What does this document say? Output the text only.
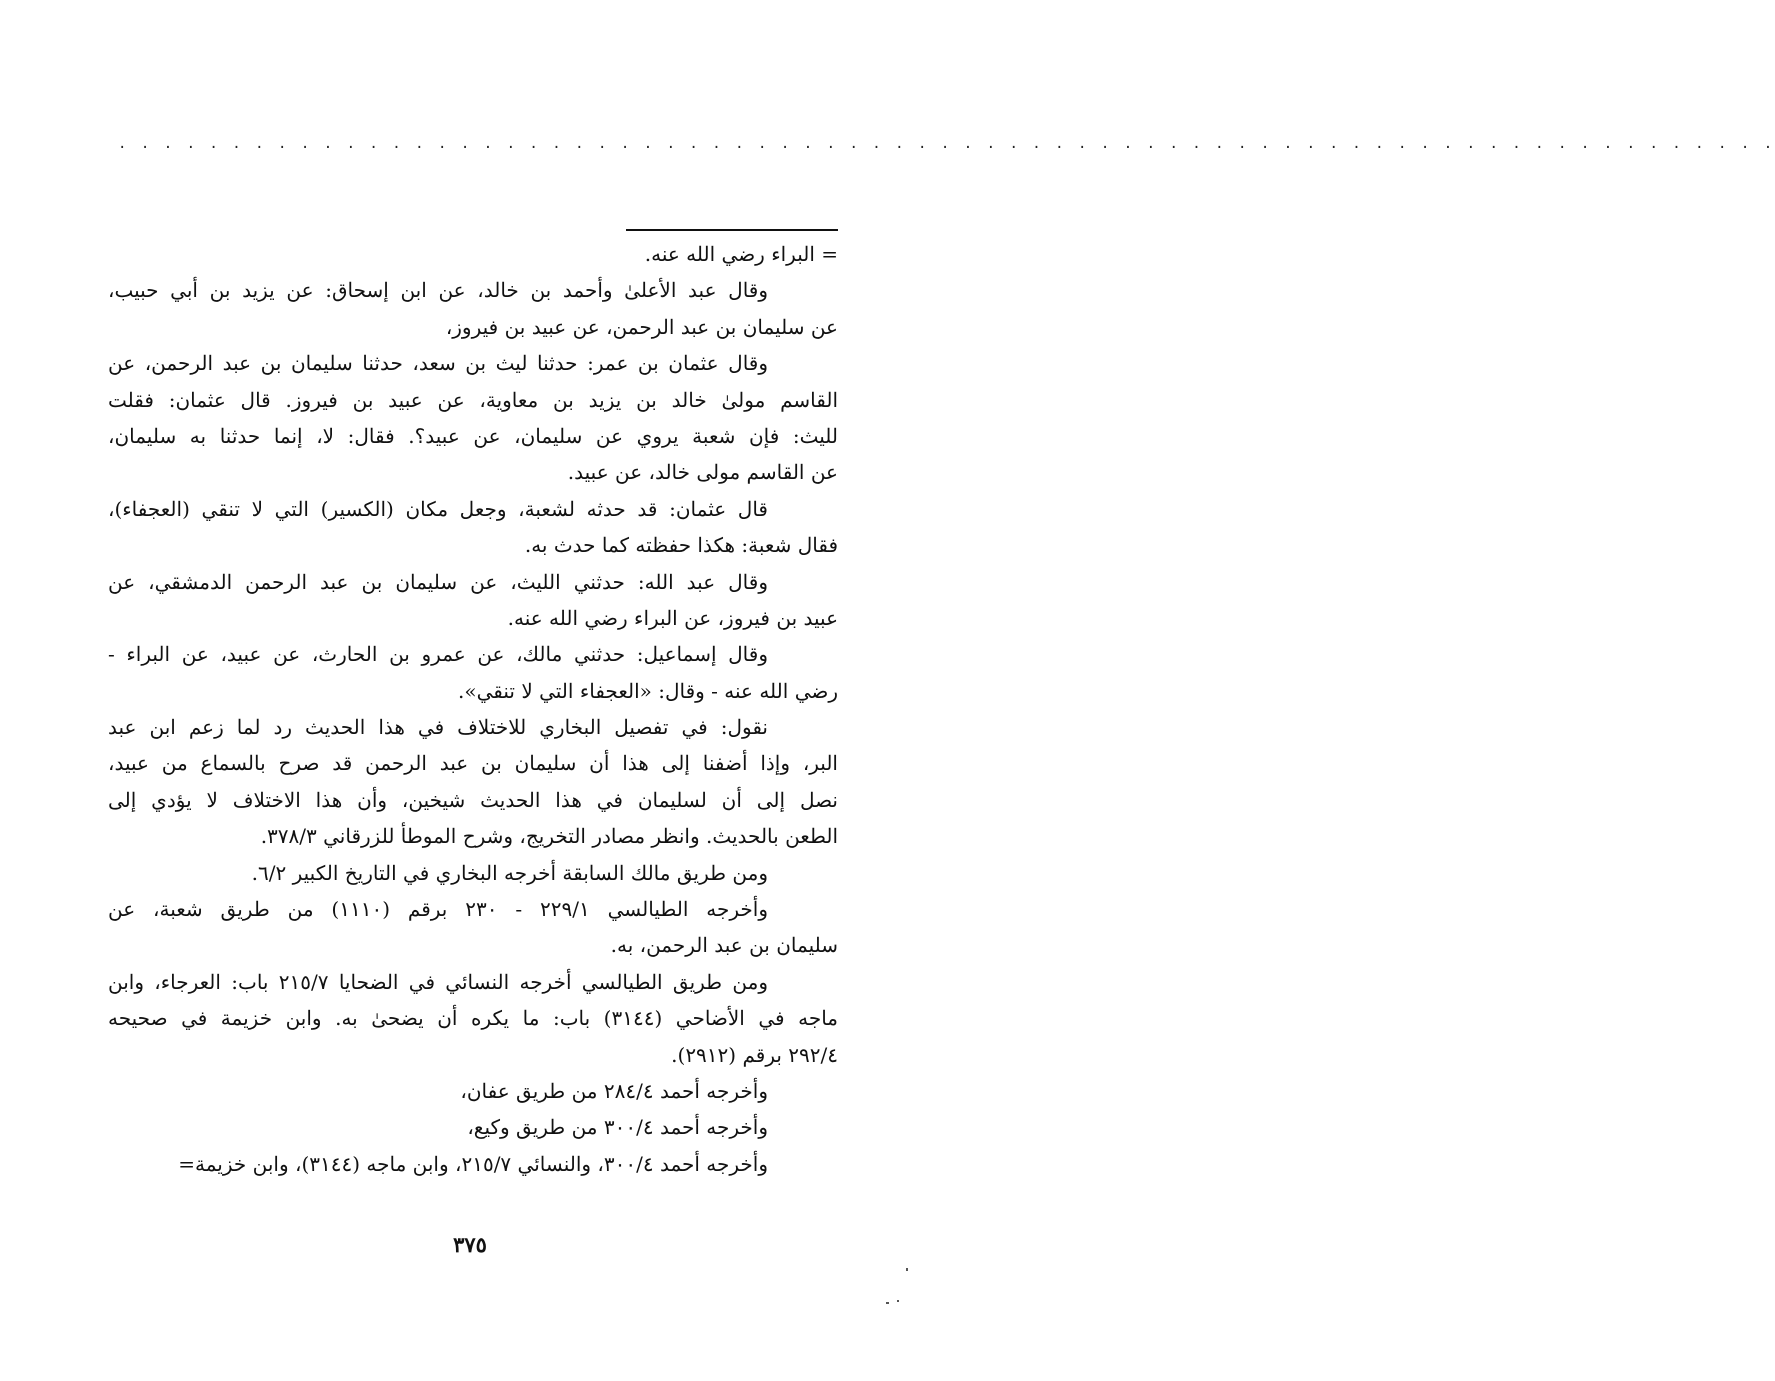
. . . . . . . . . . . . . . . . . . . . . . . . . . . . . . . . . . . . . . . . . . . . . . . . . . . . . . . . . . . . . . . . . . . . . . . . .
= البراء رضي الله عنه.
وقال عبد الأعلىٰ وأحمد بن خالد، عن ابن إسحاق: عن يزيد بن أبي حبيب،
عن سليمان بن عبد الرحمن، عن عبيد بن فيروز،
وقال عثمان بن عمر: حدثنا ليث بن سعد، حدثنا سليمان بن عبد الرحمن، عن
القاسم مولىٰ خالد بن يزيد بن معاوية، عن عبيد بن فيروز. قال عثمان: فقلت
لليث: فإن شعبة يروي عن سليمان، عن عبيد؟. فقال: لا، إنما حدثنا به سليمان،
عن القاسم مولى خالد، عن عبيد.
قال عثمان: قد حدثه لشعبة، وجعل مكان (الكسير) التي لا تنقي (العجفاء)،
فقال شعبة: هكذا حفظته كما حدث به.
وقال عبد الله: حدثني الليث، عن سليمان بن عبد الرحمن الدمشقي، عن
عبيد بن فيروز، عن البراء رضي الله عنه.
وقال إسماعيل: حدثني مالك، عن عمرو بن الحارث، عن عبيد، عن البراء -
رضي الله عنه - وقال: «العجفاء التي لا تنقي».
نقول: في تفصيل البخاري للاختلاف في هذا الحديث رد لما زعم ابن عبد
البر، وإذا أضفنا إلى هذا أن سليمان بن عبد الرحمن قد صرح بالسماع من عبيد،
نصل إلى أن لسليمان في هذا الحديث شيخين، وأن هذا الاختلاف لا يؤدي إلى
الطعن بالحديث. وانظر مصادر التخريج، وشرح الموطأ للزرقاني ٣٧٨/٣.
ومن طريق مالك السابقة أخرجه البخاري في التاريخ الكبير ٦/٢.
وأخرجه الطيالسي ٢٢٩/١ - ٢٣٠ برقم (١١١٠) من طريق شعبة، عن
سليمان بن عبد الرحمن، به.
ومن طريق الطيالسي أخرجه النسائي في الضحايا ٢١٥/٧ باب: العرجاء، وابن
ماجه في الأضاحي (٣١٤٤) باب: ما يكره أن يضحىٰ به. وابن خزيمة في صحيحه
٢٩٢/٤ برقم (٢٩١٢).
وأخرجه أحمد ٢٨٤/٤ من طريق عفان،
وأخرجه أحمد ٣٠٠/٤ من طريق وكيع،
وأخرجه أحمد ٣٠٠/٤، والنسائي ٢١٥/٧، وابن ماجه (٣١٤٤)، وابن خزيمة=
٣٧٥
